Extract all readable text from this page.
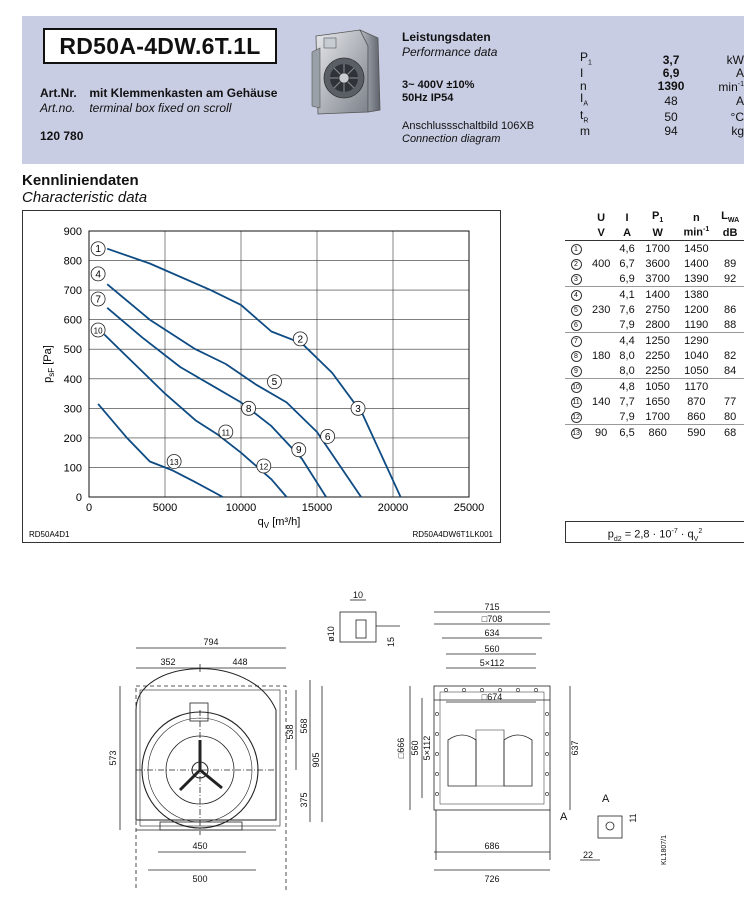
RD50A-4DW.6T.1L
Art.Nr. mit Klemmenkasten am Gehäuse
Art.no. terminal box fixed on scroll
120 780
Leistungsdaten
Performance data
3~ 400V ±10%
50Hz IP54
Anschlussschaltbild 106XB
Connection diagram
$P_1$	3,7	kW
I	6,9	A
n	1390	$\min^{-1}$
$I_A$	48	A
$t_R$	50	°C
m	94	kg
Kennliniendaten
Characteristic data
0	5000	10000	15000	20000	25000
0
100
200
300
400
500
600
700
800
900
1
4
7
10
2
5
3
8
6
11
9
13	12
$q_V$ [m³/h]
$p_{sF}$ [Pa]
RD50A4D1	RD50A4DW6T1LK001
	U	I	$P_1$	n	$L_{WA}$
	V	A	W	$\min^{-1}$	dB
1		4,6	1700	1450	
2	400	6,7	3600	1400	89
3		6,9	3700	1390	92
4		4,1	1400	1380	
5	230	7,6	2750	1200	86
6		7,9	2800	1190	88
7		4,4	1250	1290	
8	180	8,0	2250	1040	82
9		8,0	2250	1050	84
10		4,8	1050	1170	
11	140	7,7	1650	870	77
12		7,9	1700	860	80
13	90	6,5	860	590	68
$p_{d2} = 2,8 \cdot 10^{-7} \cdot q_V^2$
794
352	448
573
538 568
905
375
450
500
10
ø10
15
715
□708
634
560
5×112
□674
□666 560 5×112	637
686
726
A
A
11
22	KL1807/1
